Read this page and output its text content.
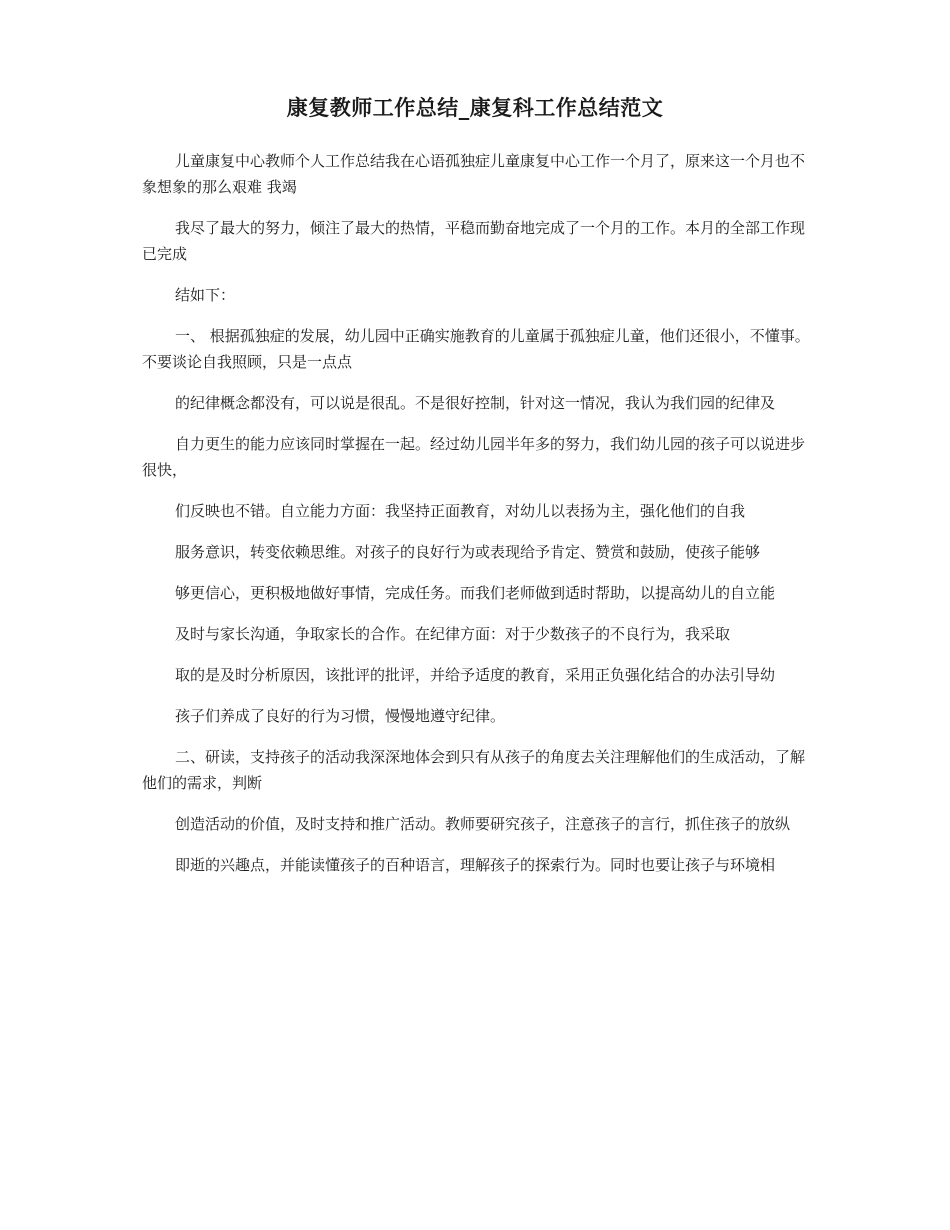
康复教师工作总结_康复科工作总结范文

儿童康复中心教师个人工作总结我在心语孤独症儿童康复中心工作一个月了，原来这一个月也不象想象的那么艰难 我竭

我尽了最大的努力，倾注了最大的热情，平稳而勤奋地完成了一个月的工作。本月的全部工作现已完成

结如下：

一、 根据孤独症的发展，幼儿园中正确实施教育的儿童属于孤独症儿童，他们还很小，不懂事。不要谈论自我照顾，只是一点点

的纪律概念都没有，可以说是很乱。不是很好控制，针对这一情况，我认为我们园的纪律及

自力更生的能力应该同时掌握在一起。经过幼儿园半年多的努力，我们幼儿园的孩子可以说进步很快，

们反映也不错。自立能力方面：我坚持正面教育，对幼儿以表扬为主，强化他们的自我

服务意识，转变依赖思维。对孩子的良好行为或表现给予肯定、赞赏和鼓励，使孩子能够

够更信心，更积极地做好事情，完成任务。而我们老师做到适时帮助，以提高幼儿的自立能

及时与家长沟通，争取家长的合作。在纪律方面：对于少数孩子的不良行为，我采取

取的是及时分析原因，该批评的批评，并给予适度的教育，采用正负强化结合的办法引导幼

孩子们养成了良好的行为习惯，慢慢地遵守纪律。

二、研读，支持孩子的活动我深深地体会到只有从孩子的角度去关注理解他们的生成活动，了解他们的需求，判断

创造活动的价值，及时支持和推广活动。教师要研究孩子，注意孩子的言行，抓住孩子的放纵

即逝的兴趣点，并能读懂孩子的百种语言，理解孩子的探索行为。同时也要让孩子与环境相
